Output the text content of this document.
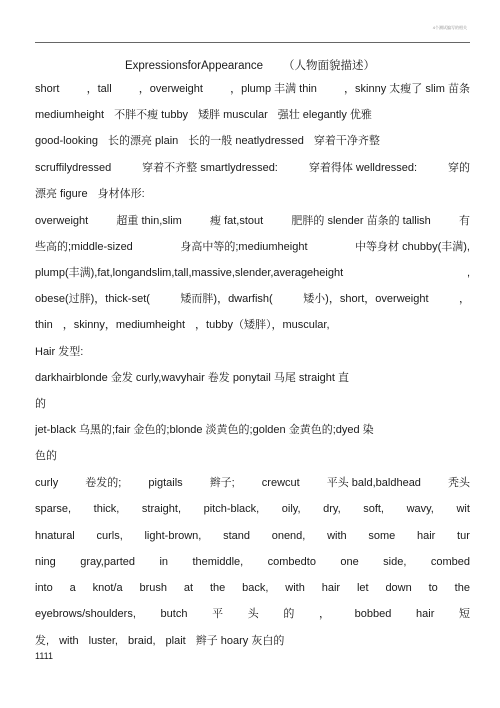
4个测试编写的相关
ExpressionsforAppearance （人物面貌描述）
short ，tall ，overweight ，plump 丰满 thin ，skinny 太瘦了 slim 苗条
mediumheight 不胖不瘦 tubby 矮胖 muscular 强壮 elegantly 优雅
good-looking 长的漂亮 plain 长的一般 neatlydressed 穿着干净齐整
scruffilydressed	穿着不齐整 smartlydressed:	穿着得体 welldressed:	穿的
漂亮 figure 身材体形:
overweight	超重 thin,slim	瘦 fat,stout	肥胖的 slender 苗条的 tallish	有
些高的;middle-sized	身高中等的;mediumheight	中等身材 chubby(丰满),
plump(丰满),fat,longandslim,tall,massive,slender,averageheight	,
obese(过胖)，thick-set(	矮而胖)，dwarfish(	矮小)，short，overweight	，
thin ，skinny，mediumheight ，tubby（矮胖），muscular,
Hair 发型:
darkhairblonde 金发 curly,wavyhair 卷发 ponytail 马尾 straight 直
的
jet-black 乌黑的;fair 金色的;blonde 淡黄色的;golden 金黄色的;dyed 染
色的
curly 卷发的; pigtails 辫子; crewcut 平头 bald,baldhead 秃头
sparse, thick, straight, pitch-black, oily, dry, soft, wavy, wit
hnatural curls, light-brown, stand onend, with some hair tur
ning gray,parted in themiddle, combedto one side, combed
into a knot/a brush at the back, with hair let down to the
eyebrows/shoulders, butch 平 头 的 ， bobbed hair 短
发, with luster, braid, plait 辫子 hoary 灰白的
1111
